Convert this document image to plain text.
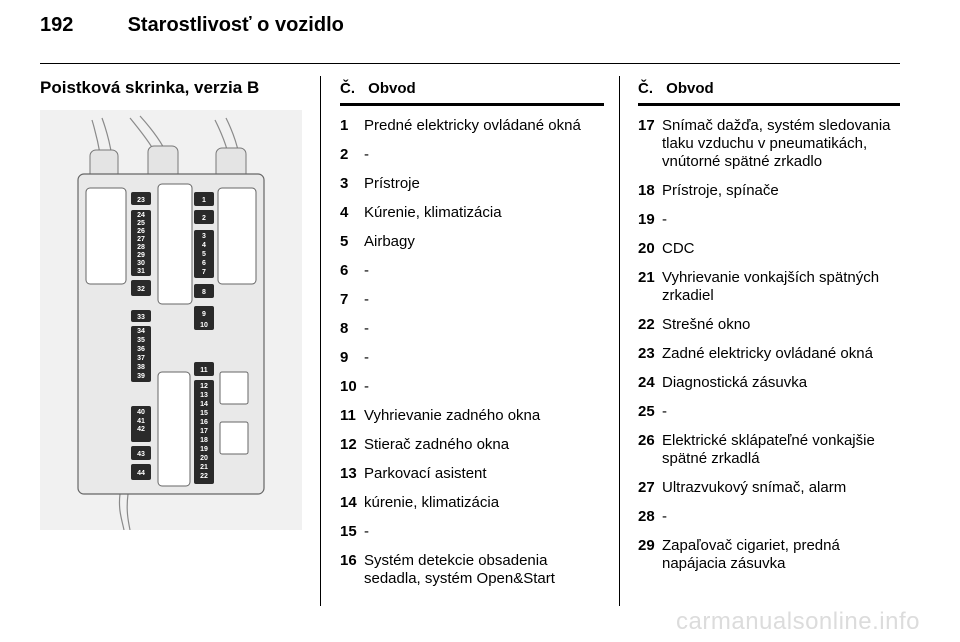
192	Starostlivosť o vozidlo
Poistková skrinka, verzia B
23
24
25
26
27
28
29
30
31
32
33
34
35
36
37
38
39
40
41
42
43
44
1
2
3
4
5
6
7
8
9
10
11
12
13
14
15
16
17
18
19
20
21
22
Č. Obvod
1	Predné elektricky ovládané okná
2	-
3	Prístroje
4	Kúrenie, klimatizácia
5	Airbagy
6	-
7	-
8	-
9	-
10 -
11 Vyhrievanie zadného okna
12 Stierač zadného okna
13 Parkovací asistent
14 kúrenie, klimatizácia
15 -
16 Systém detekcie obsadenia sedadla, systém Open&Start
Č. Obvod
17 Snímač dažďa, systém sledovania tlaku vzduchu v pneumatikách, vnútorné spätné zrkadlo
18 Prístroje, spínače
19 -
20 CDC
21 Vyhrievanie vonkajších spätných zrkadiel
22 Strešné okno
23 Zadné elektricky ovládané okná
24 Diagnostická zásuvka
25 -
26 Elektrické sklápateľné vonkajšie spätné zrkadlá
27 Ultrazvukový snímač, alarm
28 -
29 Zapaľovač cigariet, predná napájacia zásuvka
carmanualsonline.info
